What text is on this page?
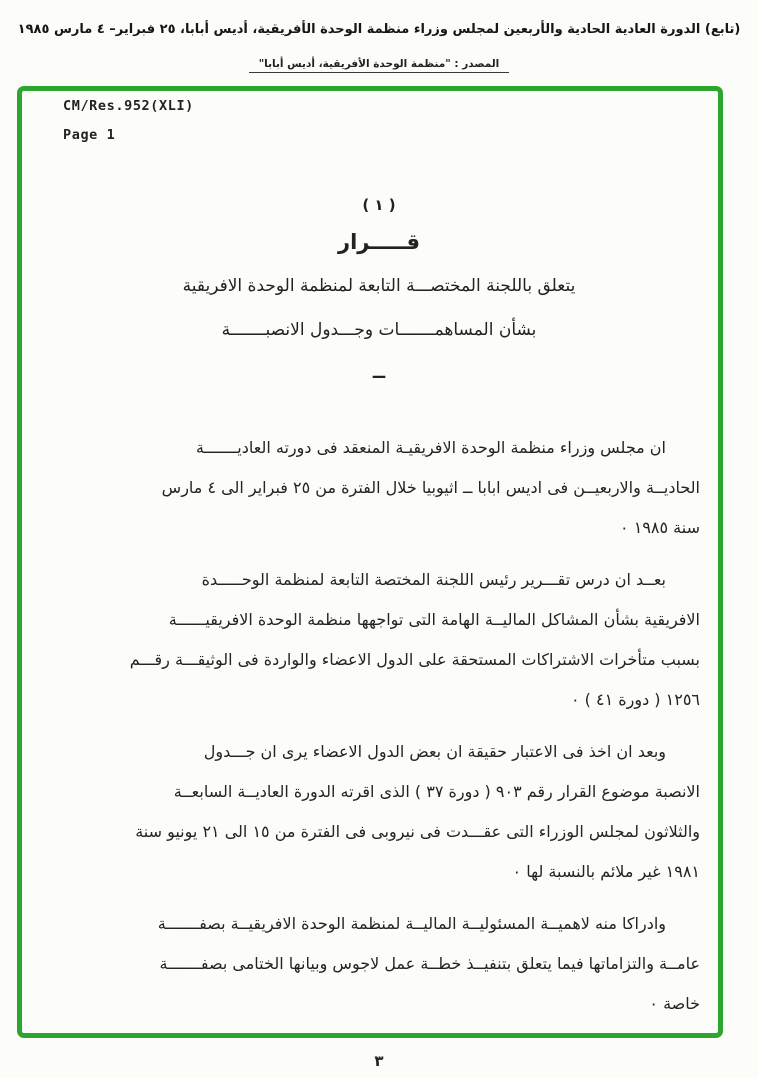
(تابع) الدورة العادية الحادية والأربعين لمجلس وزراء منظمة الوحدة الأفريقية، أديس أبابا، ٢٥ فبراير– ٤ مارس ١٩٨٥
المصدر : "منظمة الوحدة الأفريقية، أديس أبابا"
CM/Res.952(XLI)
Page 1
( ١ )
قـــــرار
يتعلق باللجنة المختصـــة التابعة لمنظمة الوحدة الافريقية
بشأن المساهمـــــــات وجـــدول الانصبـــــــة
ــ
ان مجلس وزراء منظمة الوحدة الافريقيـة المنعقد فى دورته العاديـــــــة
الحاديــة والاربعيــن فى اديس ابابا ــ اثيوبيا خلال الفترة من ٢٥ فبراير الى ٤ مارس
سنة ١٩٨٥ ٠
بعــد ان درس تقـــرير رئيس اللجنة المختصة التابعة لمنظمة الوحـــــدة
الافريقية بشأن المشاكل الماليــة الهامة التى تواجهها منظمة الوحدة الافريقيــــــة
بسبب متأخرات الاشتراكات المستحقة على الدول الاعضاء والواردة فى الوثيقـــة رقـــم
١٢٥٦ ( دورة ٤١ ) ٠
وبعد ان اخذ فى الاعتبار حقيقة ان بعض الدول الاعضاء يرى ان جـــدول
الانصبة موضوع القرار رقم ٩٠٣ ( دورة ٣٧ ) الذى اقرته الدورة العاديــة السابعــة
والثلاثون لمجلس الوزراء التى عقـــدت فى نيروبى فى الفترة من ١٥ الى ٢١ يونيو سنة
١٩٨١ غير ملائم بالنسبة لها ٠
وادراكا منه لاهميــة المسئوليــة الماليــة لمنظمة الوحدة الافريقيــة بصفـــــــة
عامــة والتزاماتها فيما يتعلق بتنفيــذ خطــة عمل لاجوس وبيانها الختامى بصفـــــــة
خاصة ٠
٣
